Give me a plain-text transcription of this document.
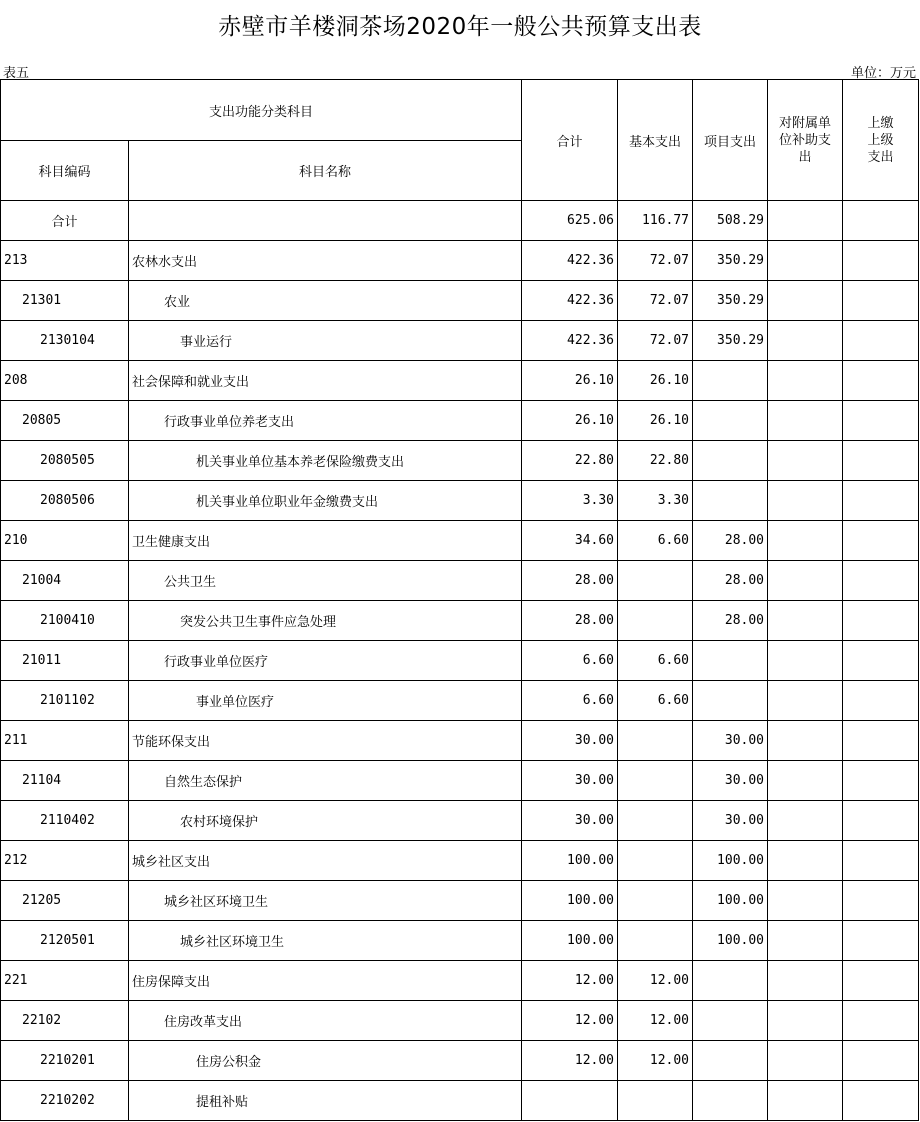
赤壁市羊楼洞茶场2020年一般公共预算支出表
表五	单位：万元
支出功能分类科目		合计	基本支出	项目支出	对附属单位补助支出	上缴上级支出

科目编码	科目名称					
合计		625.06	116.77	508.29		
213	农林水支出	422.36	72.07	350.29		
21301	农业	422.36	72.07	350.29		
2130104	事业运行	422.36	72.07	350.29		
208	社会保障和就业支出	26.10	26.10			
20805	行政事业单位养老支出	26.10	26.10			
2080505	机关事业单位基本养老保险缴费支出	22.80	22.80			
2080506	机关事业单位职业年金缴费支出	3.30	3.30			
210	卫生健康支出	34.60	6.60	28.00		
21004	公共卫生	28.00		28.00		
2100410	突发公共卫生事件应急处理	28.00		28.00		
21011	行政事业单位医疗	6.60	6.60			
2101102	事业单位医疗	6.60	6.60			
211	节能环保支出	30.00		30.00		
21104	自然生态保护	30.00		30.00		
2110402	农村环境保护	30.00		30.00		
212	城乡社区支出	100.00		100.00		
21205	城乡社区环境卫生	100.00		100.00		
2120501	城乡社区环境卫生	100.00		100.00		
221	住房保障支出	12.00	12.00			
22102	住房改革支出	12.00	12.00			
2210201	住房公积金	12.00	12.00			
2210202	提租补贴					
